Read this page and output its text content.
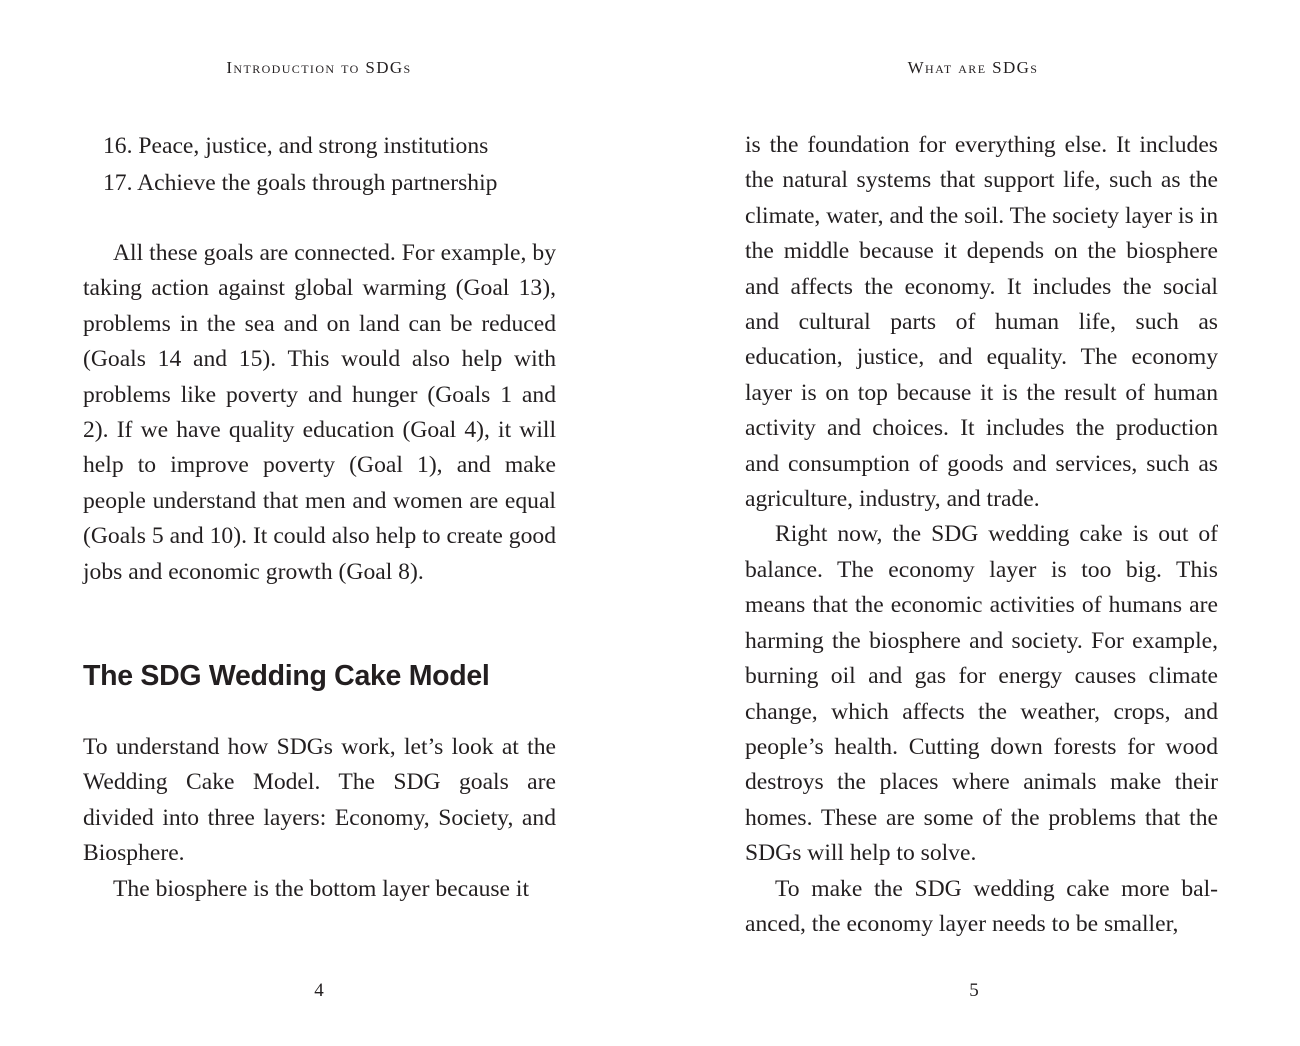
Introduction to SDGs
16. Peace, justice, and strong institutions
17. Achieve the goals through partnership

All these goals are connected. For example, by taking action against global warming (Goal 13), problems in the sea and on land can be reduced (Goals 14 and 15). This would also help with problems like poverty and hunger (Goals 1 and 2). If we have quality education (Goal 4), it will help to improve poverty (Goal 1), and make people understand that men and women are equal (Goals 5 and 10). It could also help to create good jobs and economic growth (Goal 8).

The SDG Wedding Cake Model

To understand how SDGs work, let’s look at the Wedding Cake Model. The SDG goals are divided into three layers: Economy, Society, and Biosphere.

The biosphere is the bottom layer because it

4
What are SDGs

is the foundation for everything else. It includes the natural systems that support life, such as the climate, water, and the soil. The society layer is in the middle because it depends on the biosphere and affects the economy. It includes the social and cultural parts of human life, such as education, justice, and equality. The economy layer is on top because it is the result of human activity and choices. It includes the production and consumption of goods and services, such as agriculture, industry, and trade.

Right now, the SDG wedding cake is out of balance. The economy layer is too big. This means that the economic activities of humans are harming the biosphere and society. For example, burning oil and gas for energy causes climate change, which affects the weather, crops, and people’s health. Cutting down forests for wood destroys the places where animals make their homes. These are some of the problems that the SDGs will help to solve.

To make the SDG wedding cake more balanced, the economy layer needs to be smaller,

5
